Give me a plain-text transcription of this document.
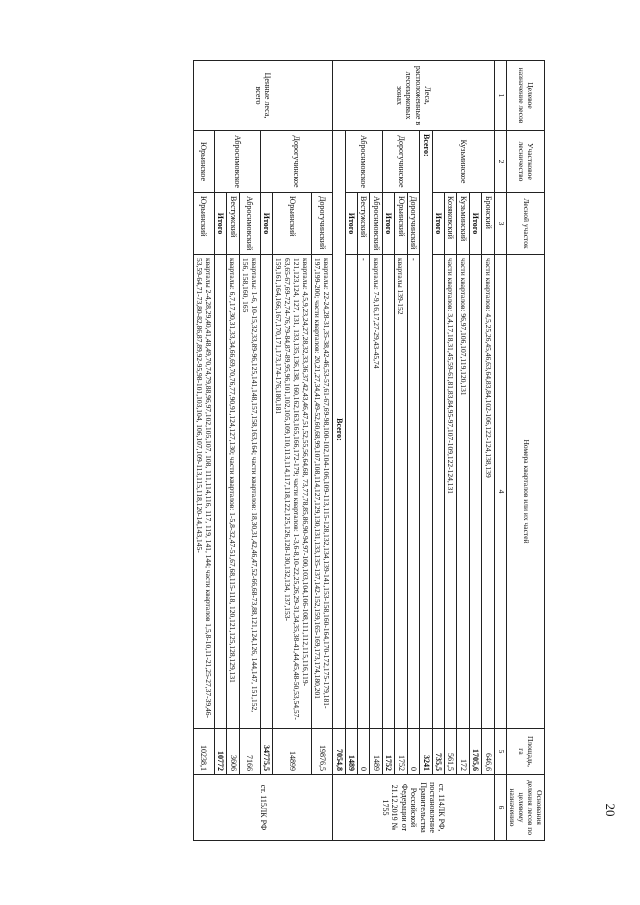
20
Целевое назначение лесов	Участковое лесничество	Лесной участок	Номера кварталов или их частей	Площадь, га	Основания деления лесов по целевому назначению
1	2	3	4	5	6
Леса, расположенные в лесопарковых зонах	Кузьминское	Бронский	части кварталов: 4,5,25,26,45,46,63,64,83,84,102-106,122-124,138,139	646,6	ст. 114ЛК РФ, постановление Правительства Российской Федерации от 21.12.2019 № 1755
		Итого		1705,6	
		Кузьминский	части кварталов: 96,97,106,107,119,120,131	172	
		Козяковский	части кварталов: 3,4,17,18,31,45,59-61,81,83,84,95-97,107-109,122-124,131	561,5	
		Итого		735,5	
	Всего:			3241	
	Дорогучинское	Дорогучинский	-	0	
		Юрьинский	кварталы 139-152	1752	
		Итого		1752	
	Аброснмовское	Аброснмовский	кварталы: 7-9,16,17,27-29,43-45,74	1489	
		Вестужский	-	0	
		Итого		1489	
	Всего:			7054,8	
Ценные леса, всего	Дорогучинское	Дорогучинский	кварталы: 22-24,28-31,35-38,42-46,53-57,61-67,69-98,100-102,104-106,109-113,115-128,132,134,139-141,153-158,160-164,170-172,175-179,181-197,199-200; части кварталов: 20,21,27,34,41,49-52,60,68,99,107,108,114,127,129,130,131,133,135-137,142-152,159,165-169,173,174,180,201	19876,5	ст. 115ЛК РФ
		Юрьинский	кварталы: 4,5,9,23,24,27,28,32,33,36,37,42,43,46,47,51,52,55,56,64,68, 73,77,78,85,86,90-94,97-100,103,104,106-108,111,112,115,116,119-121,123,124, 127, 131, 133,135,136,138, 160,162,163,165,166,172-179; части кварталов: 1-3,6-8,10-22,25,26,29-31,34,35,38-41,44,45,48-50,53,54,57-63,65-67,69-72,74-76,79-84,87-89,95,96,101,102,105,109,110,113,114,117,118,122,125,126,128-130,132,134, 137,153-159,161,164,166,167,170,171,173,174-176,180,181	14899	
		Итого		34775,5	
	Аброснмовское	Аброснмовский	кварталы: 1-6, 10-15,32,33,89-96,125,141,148,157,158,163,164; части кварталов: 18,30,31,42,46,47,52-66,68-73,88,121,124,126, 144,147, 151,152, 156, 158,160, 165	7166	
		Вестужский	кварталы: 6,7,17,30,31,33,34,66,69,70,76,77,90,91,124,127,130; части кварталов: 1-5,8-32,47-51,67,68,115-118, 120,121,125,128,129,131	3606	
		Итого		10772	
	Юрьинское	Юрьинский	кварталы 2-4,28,29,40,41,48,49,70,74,79,88,96,97,102,105,107, 108, 111,114,116, 117, 119, 141, 144; части кварталов 1,5,8-10,11-21,25-27,37-39,46-53,59-64,71-73,80-82,86,87,89,92-95,98-101,103,104, 106,107,109-113,115,118,120-14,143,145-	10238,1	
